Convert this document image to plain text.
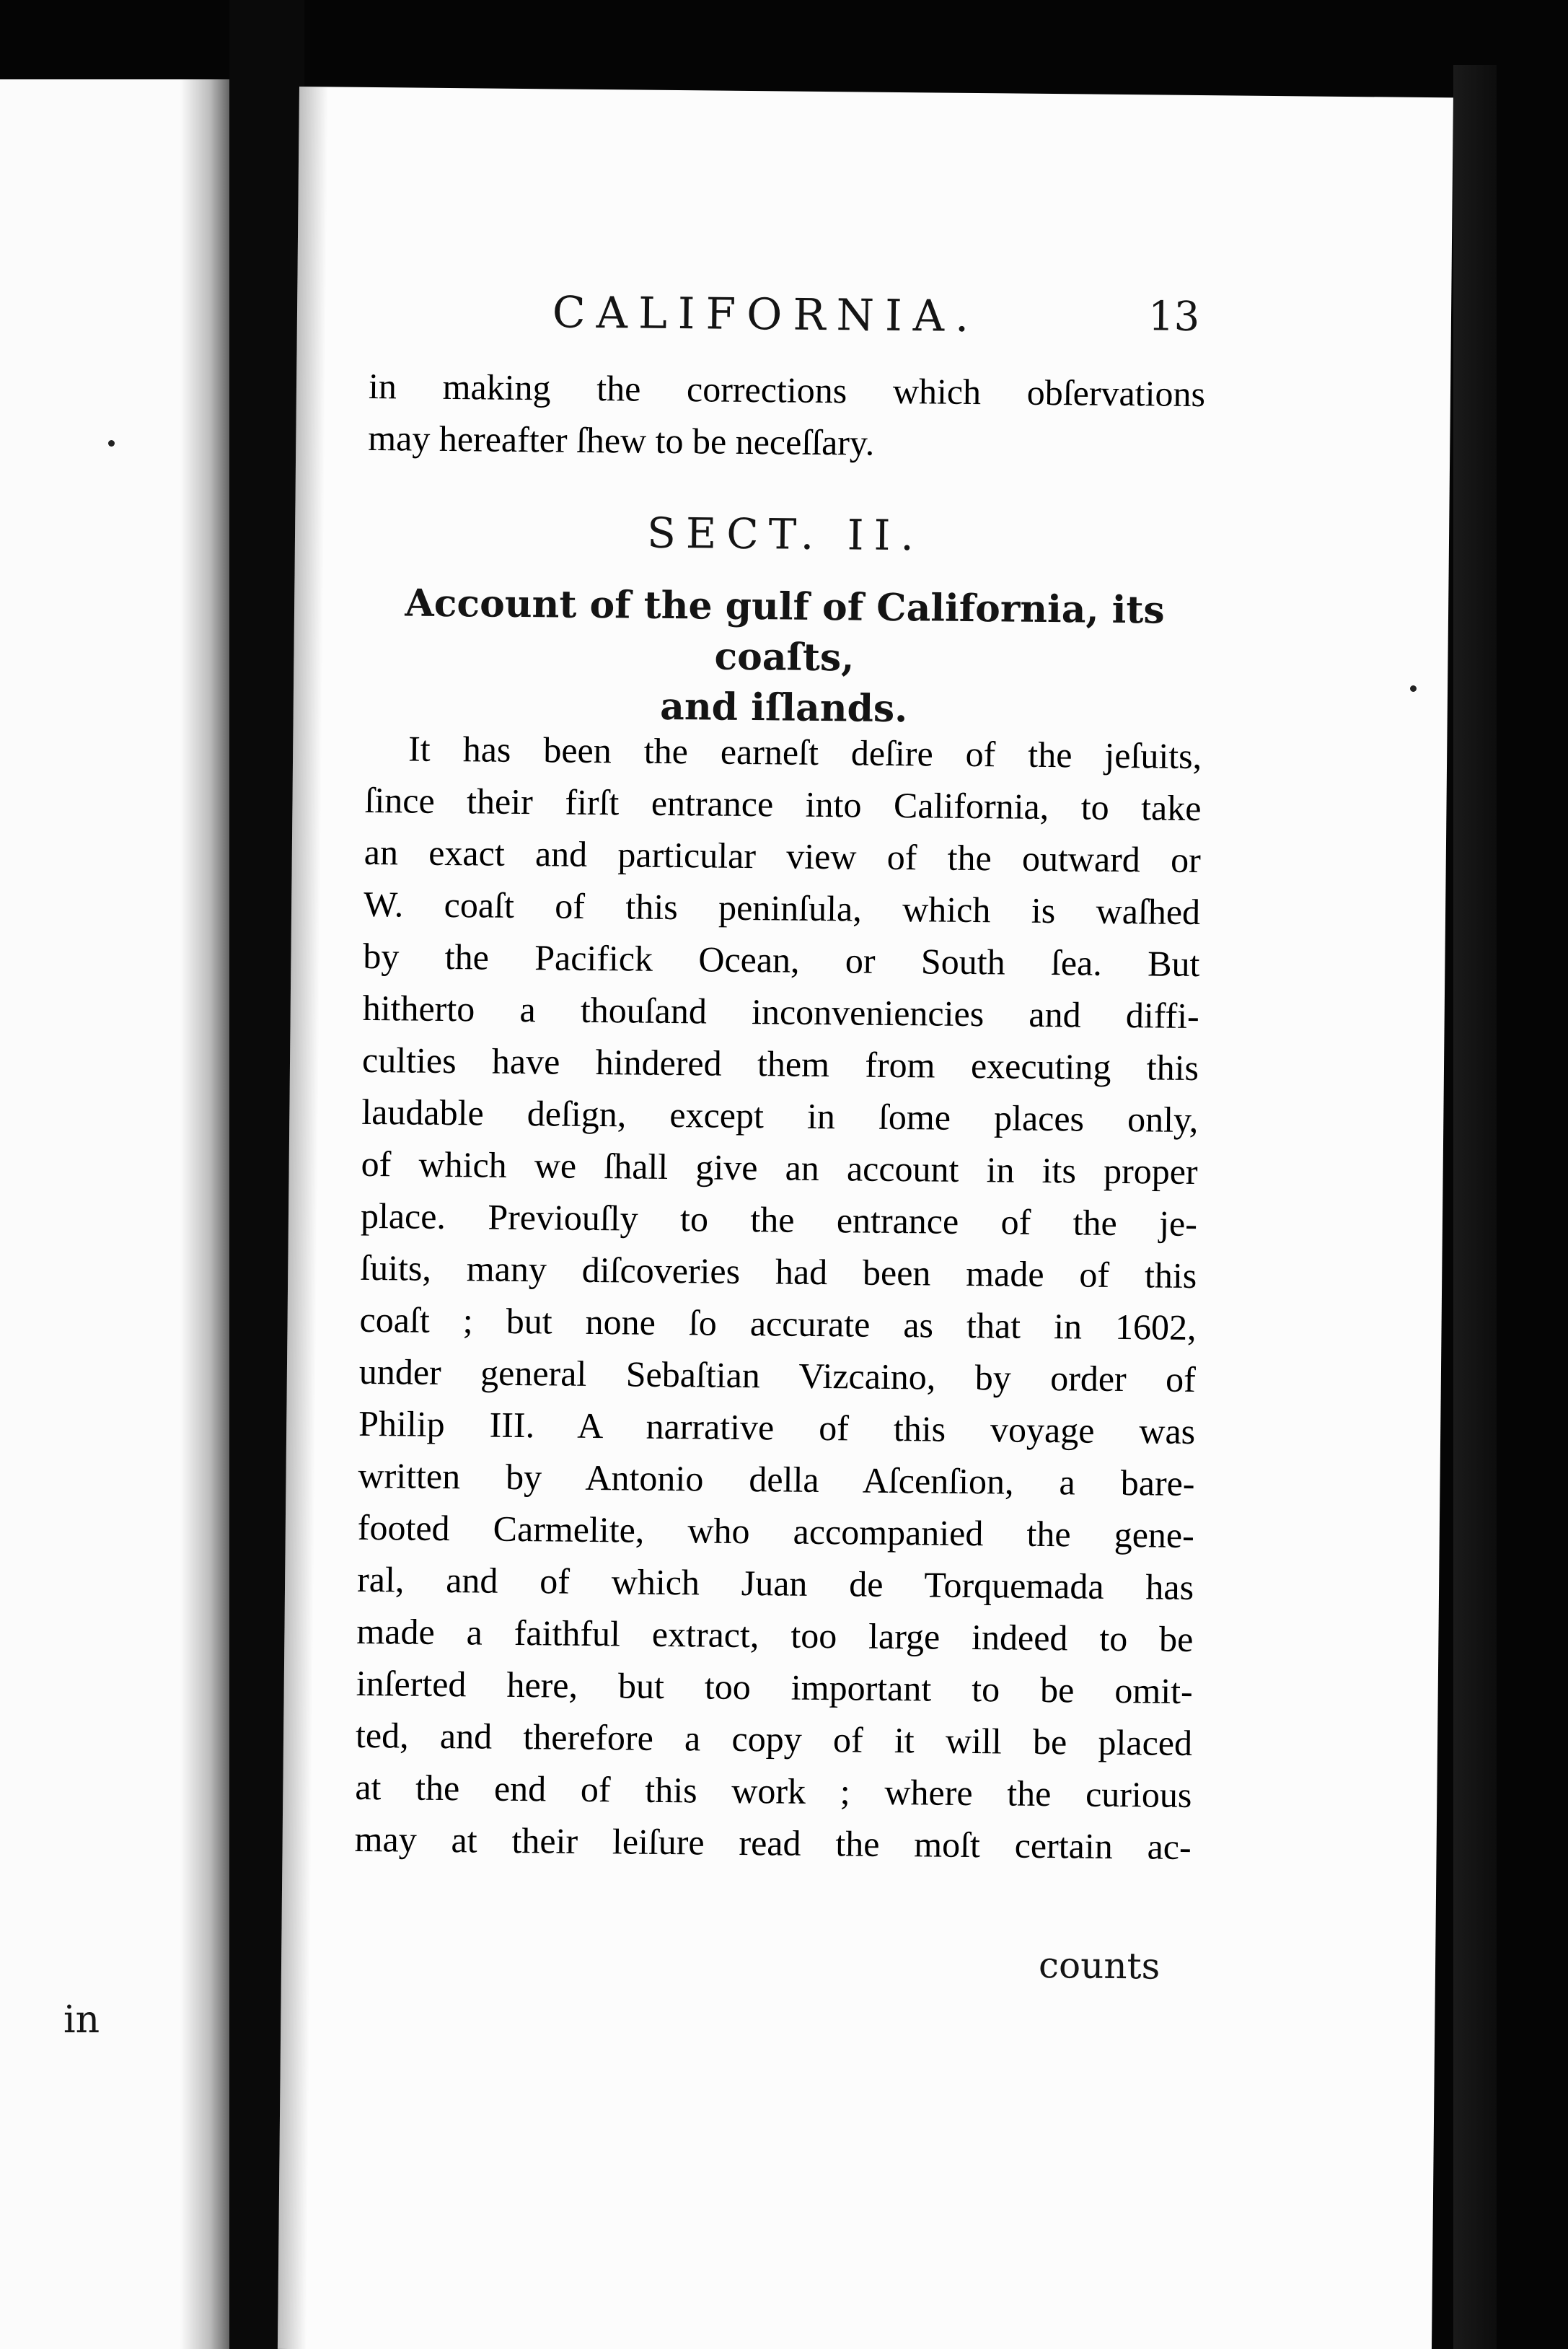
in
CALIFORNIA.	13
in making the corrections which obſervations
may hereafter ſhew to be neceſſary.
SECT. II.
Account of the gulf of California, its coaſts,
and iſlands.
It has been the earneſt deſire of the jeſuits,
ſince their firſt entrance into California, to take
an exact and particular view of the outward or
W. coaſt of this peninſula, which is waſhed
by the Pacifick Ocean, or South ſea. But
hitherto a thouſand inconveniencies and diffi-
culties have hindered them from executing this
laudable deſign, except in ſome places only,
of which we ſhall give an account in its proper
place. Previouſly to the entrance of the je-
ſuits, many diſcoveries had been made of this
coaſt ; but none ſo accurate as that in 1602,
under general Sebaſtian Vizcaino, by order of
Philip III. A narrative of this voyage was
written by Antonio della Aſcenſion, a bare-
footed Carmelite, who accompanied the gene-
ral, and of which Juan de Torquemada has
made a faithful extract, too large indeed to be
inſerted here, but too important to be omit-
ted, and therefore a copy of it will be placed
at the end of this work ; where the curious
may at their leiſure read the moſt certain ac-
counts
